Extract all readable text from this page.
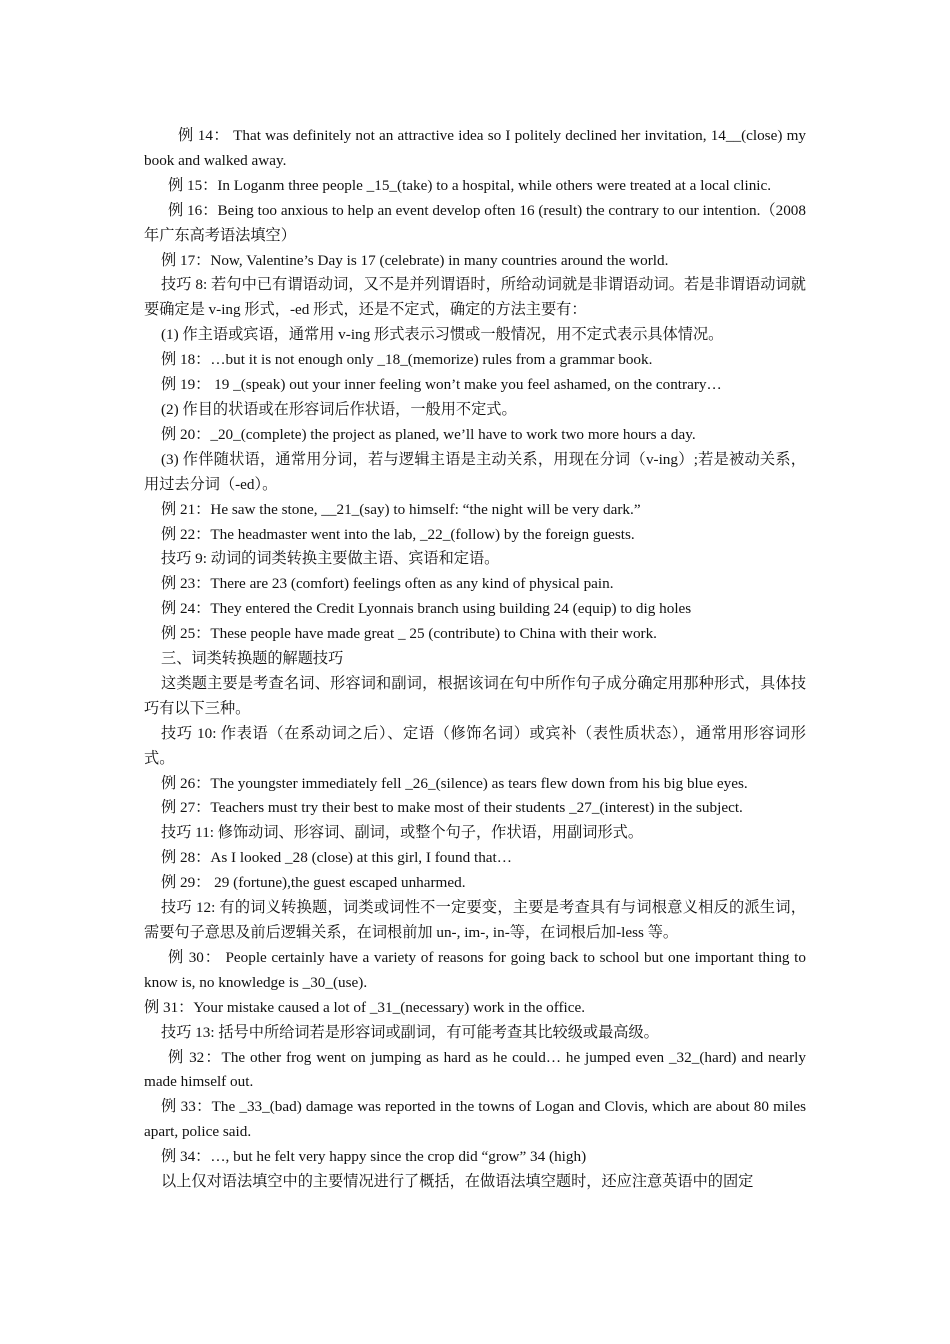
例 14： That was definitely not an attractive idea so I politely declined her invitation, 14__(close) my book and walked away.

例 15：In Loganm three people _15_(take) to a hospital, while others were treated at a local clinic.

例 16：Being too anxious to help an event develop often 16 (result) the contrary to our intention.（2008 年广东高考语法填空）

例 17：Now, Valentine’s Day is 17 (celebrate) in many countries around the world.

技巧 8: 若句中已有谓语动词，又不是并列谓语时，所给动词就是非谓语动词。若是非谓语动词就要确定是 v-ing 形式，-ed 形式，还是不定式，确定的方法主要有：

(1) 作主语或宾语，通常用 v-ing 形式表示习惯或一般情况，用不定式表示具体情况。

例 18：…but it is not enough only _18_(memorize) rules from a grammar book.

例 19： 19 _(speak) out your inner feeling won’t make you feel ashamed, on the contrary…

(2) 作目的状语或在形容词后作状语，一般用不定式。

例 20：_20_(complete) the project as planed, we’ll have to work two more hours a day.

(3) 作伴随状语，通常用分词，若与逻辑主语是主动关系，用现在分词（v-ing）;若是被动关系，用过去分词（-ed）。

例 21：He saw the stone, __21_(say) to himself: “the night will be very dark.”

例 22：The headmaster went into the lab, _22_(follow) by the foreign guests.

技巧 9: 动词的词类转换主要做主语、宾语和定语。

例 23：There are 23 (comfort) feelings often as any kind of physical pain.

例 24：They entered the Credit Lyonnais branch using building 24 (equip) to dig holes

例 25：These people have made great _ 25 (contribute) to China with their work.

三、词类转换题的解题技巧

这类题主要是考查名词、形容词和副词，根据该词在句中所作句子成分确定用那种形式，具体技巧有以下三种。

技巧 10: 作表语（在系动词之后）、定语（修饰名词）或宾补（表性质状态），通常用形容词形式。

例 26：The youngster immediately fell _26_(silence) as tears flew down from his big blue eyes.

例 27：Teachers must try their best to make most of their students _27_(interest) in the subject.

技巧 11: 修饰动词、形容词、副词，或整个句子，作状语，用副词形式。

例 28：As I looked _28 (close) at this girl, I found that…

例 29： 29 (fortune),the guest escaped unharmed.

技巧 12: 有的词义转换题，词类或词性不一定要变，主要是考查具有与词根意义相反的派生词，需要句子意思及前后逻辑关系，在词根前加 un-, im-, in-等，在词根后加-less 等。

例 30： People certainly have a variety of reasons for going back to school but one important thing to know is, no knowledge is _30_(use).

例 31：Your mistake caused a lot of _31_(necessary) work in the office.

技巧 13: 括号中所给词若是形容词或副词，有可能考查其比较级或最高级。

例 32：The other frog went on jumping as hard as he could… he jumped even _32_(hard) and nearly made himself out.

例 33：The _33_(bad) damage was reported in the towns of Logan and Clovis, which are about 80 miles apart, police said.

例 34：…, but he felt very happy since the crop did “grow” 34 (high)

以上仅对语法填空中的主要情况进行了概括，在做语法填空题时，还应注意英语中的固定
